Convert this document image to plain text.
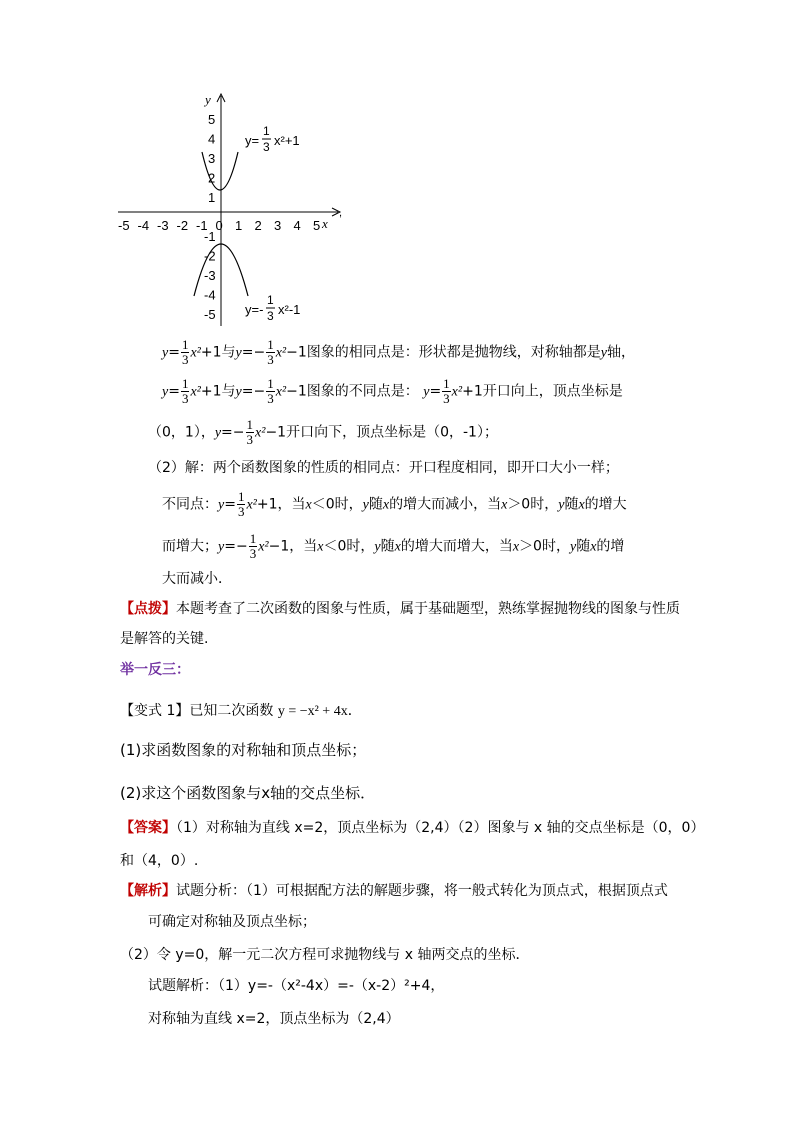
y
x
,
-5 -4 -3 -2 -1 0 1 2 3 4 5
5
4
3
2
1
-1
-2
-3
-4
-5
y=
1
3 x²+1
y=-
1
3 x²-1
$y= \frac{1}{3} x^2+1$与$y=- \frac{1}{3} x^2-1$图象的相同点是：形状都是抛物线，对称轴都是y轴，
$y= \frac{1}{3} x^2+1$与$y=- \frac{1}{3} x^2-1$图象的不同点是： $y= \frac{1}{3} x^2+1$开口向上，顶点坐标是
（0，1），$y=- \frac{1}{3} x^2-1$开口向下，顶点坐标是（0，-1）；
（2）解：两个函数图象的性质的相同点：开口程度相同，即开口大小一样；
不同点：$y= \frac{1}{3} x^2+1$，当x＜0时，y随x的增大而减小，当x＞0时，y随x的增大
而增大；$y=- \frac{1}{3} x^2-1$，当x＜0时，y随x的增大而增大，当x＞0时，y随x的增
大而减小．
【点拨】本题考查了二次函数的图象与性质，属于基础题型，熟练掌握抛物线的图象与性质
是解答的关键.
举一反三：
【变式 1】已知二次函数 y = −x² + 4x．
(1)求函数图象的对称轴和顶点坐标；
(2)求这个函数图象与x轴的交点坐标．
【答案】（1）对称轴为直线 x=2，顶点坐标为（2,4）（2）图象与 x 轴的交点坐标是（0，0）
和（4，0）.
【解析】试题分析：（1）可根据配方法的解题步骤，将一般式转化为顶点式，根据顶点式
可确定对称轴及顶点坐标；
（2）令 y=0，解一元二次方程可求抛物线与 x 轴两交点的坐标．
试题解析：（1）y=-（x²-4x）=-（x-2）²+4，
对称轴为直线 x=2，顶点坐标为（2,4）
